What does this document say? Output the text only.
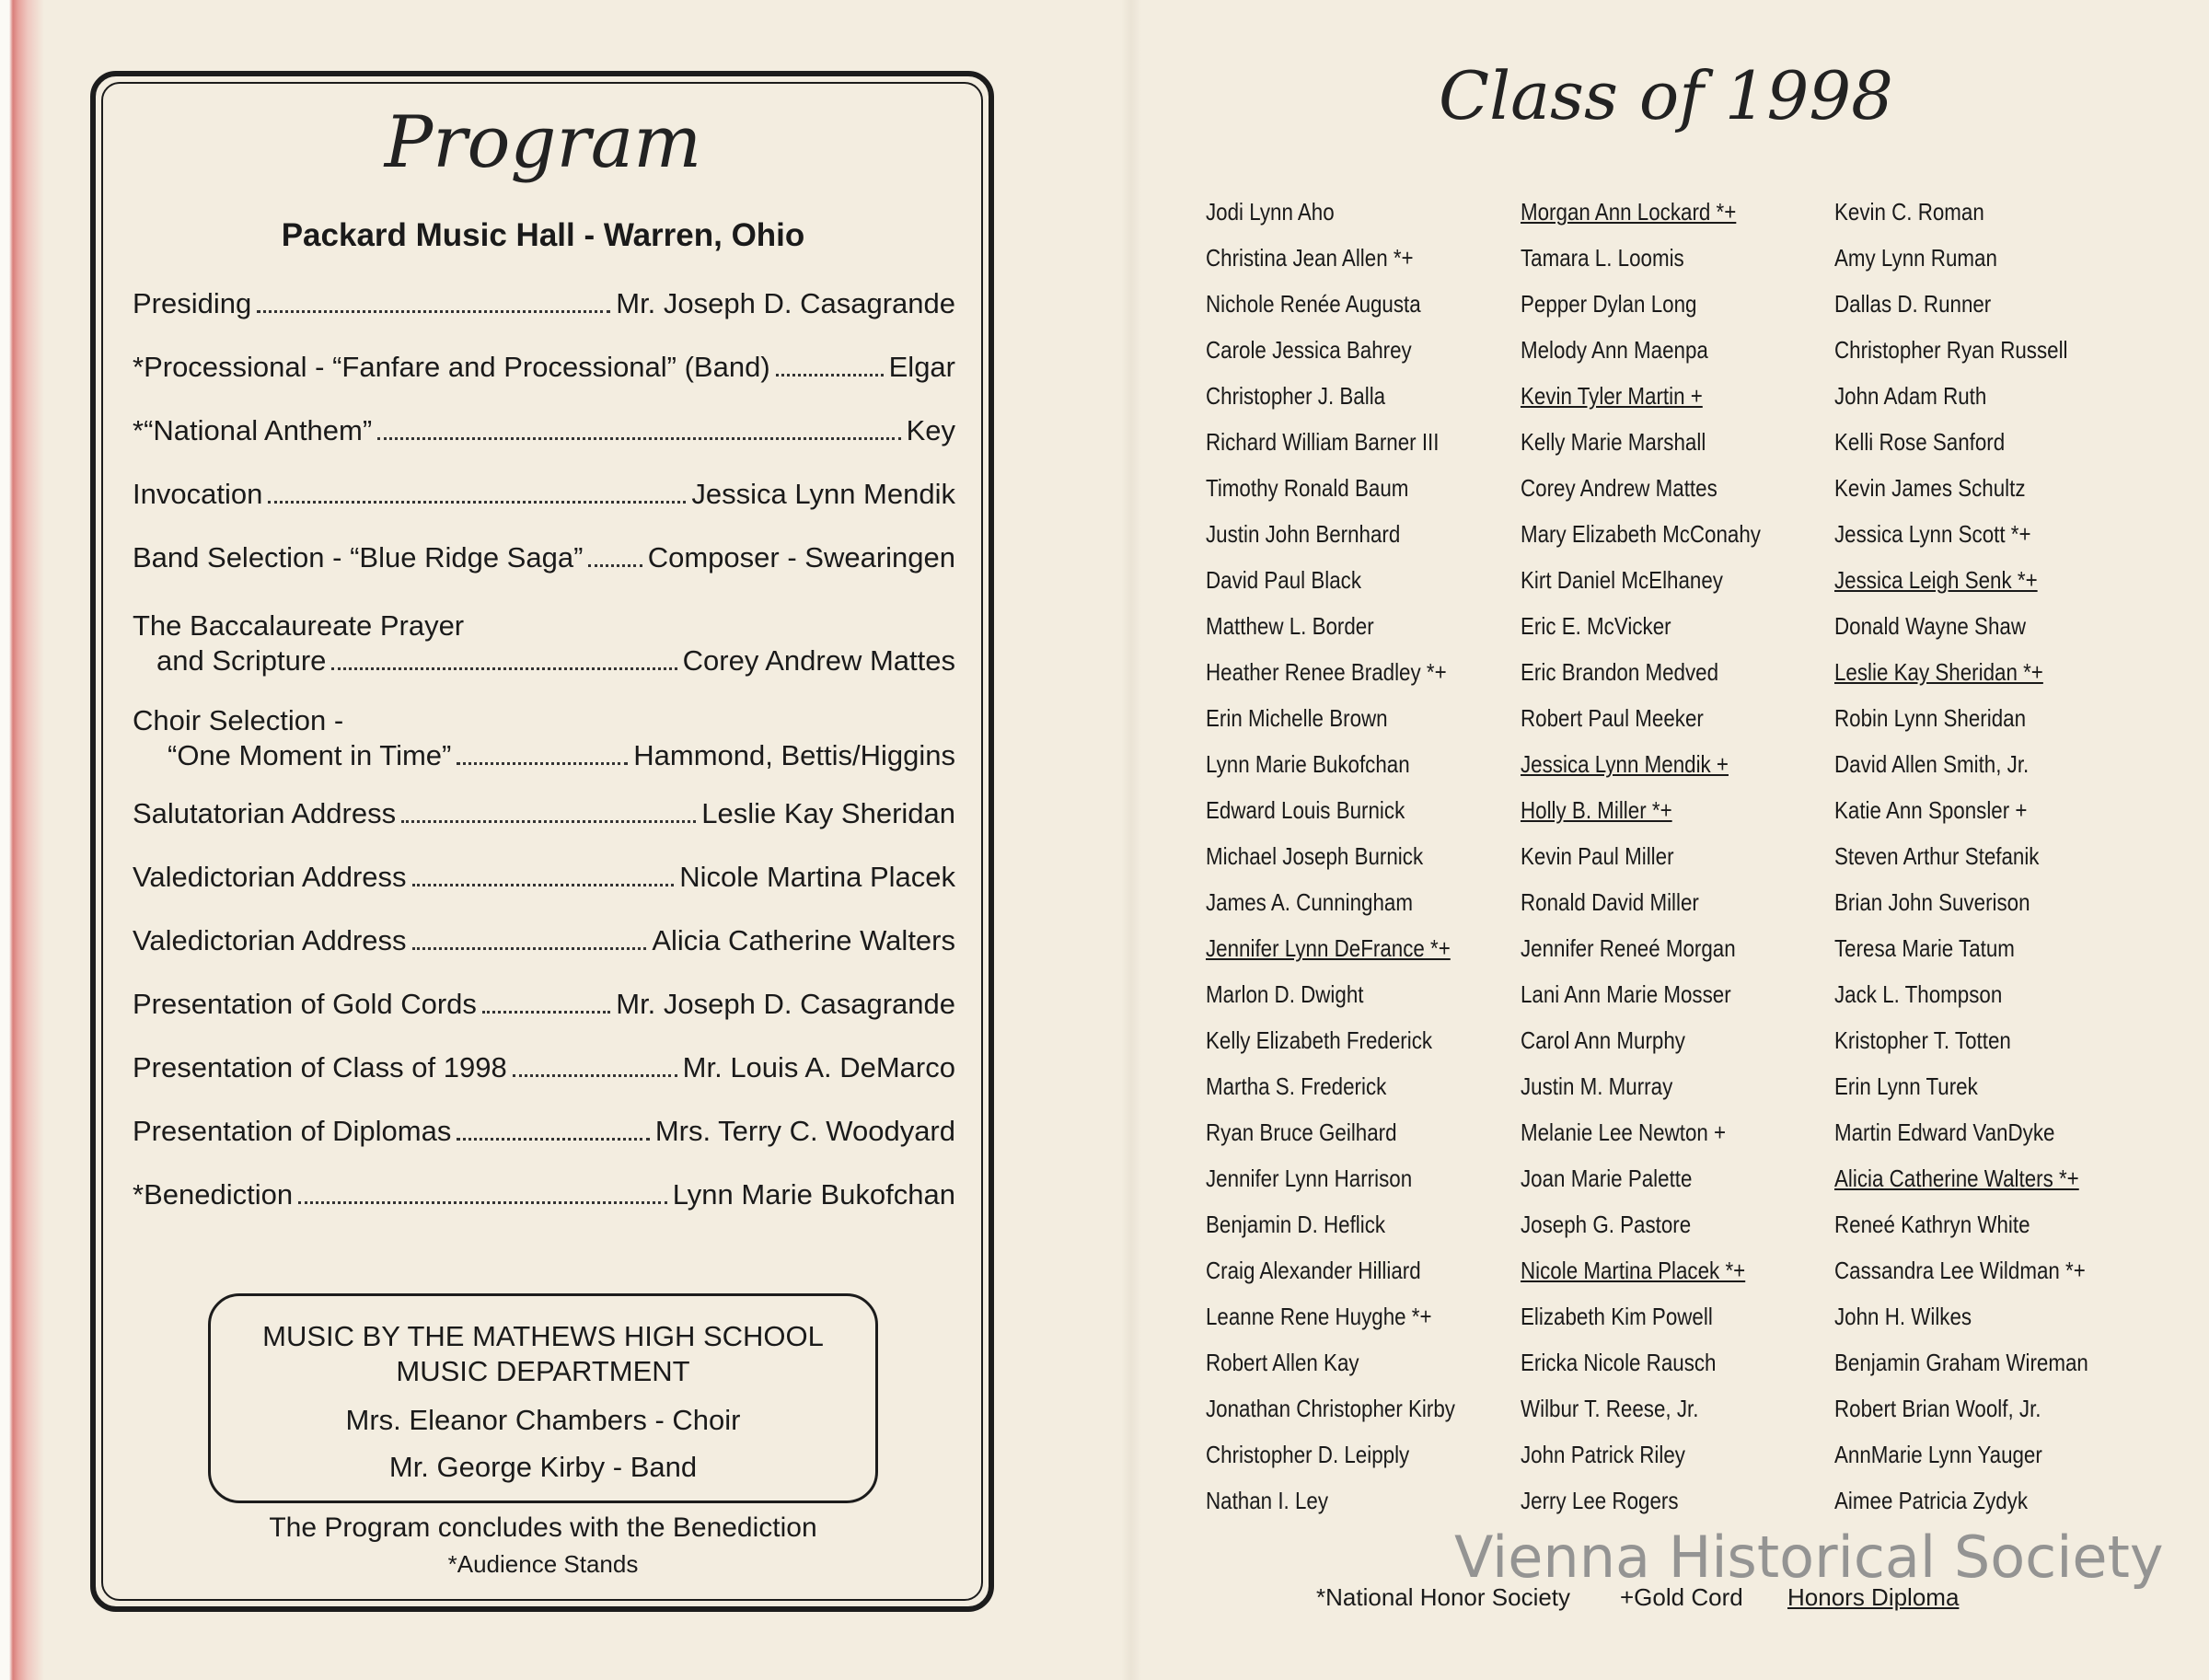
Program
Packard Music Hall - Warren, Ohio
Presiding	Mr. Joseph D. Casagrande
*Processional - “Fanfare and Processional” (Band)	Elgar
*“National Anthem”	Key
Invocation	Jessica Lynn Mendik
Band Selection - “Blue Ridge Saga” Composer - Swearingen
The Baccalaureate Prayer
and Scripture	Corey Andrew Mattes
Choir Selection -
“One Moment in Time”	Hammond, Bettis/Higgins
Salutatorian Address	Leslie Kay Sheridan
Valedictorian Address	Nicole Martina Placek
Valedictorian Address	Alicia Catherine Walters
Presentation of Gold Cords	Mr. Joseph D. Casagrande
Presentation of Class of 1998	Mr. Louis A. DeMarco
Presentation of Diplomas	Mrs. Terry C. Woodyard
*Benediction	Lynn Marie Bukofchan
MUSIC BY THE MATHEWS HIGH SCHOOL
MUSIC DEPARTMENT
Mrs. Eleanor Chambers - Choir
Mr. George Kirby - Band
The Program concludes with the Benediction
*Audience Stands
Class of 1998
Jodi Lynn Aho
Christina Jean Allen *+
Nichole Renée Augusta
Carole Jessica Bahrey
Christopher J. Balla
Richard William Barner III
Timothy Ronald Baum
Justin John Bernhard
David Paul Black
Matthew L. Border
Heather Renee Bradley *+
Erin Michelle Brown
Lynn Marie Bukofchan
Edward Louis Burnick
Michael Joseph Burnick
James A. Cunningham
Jennifer Lynn DeFrance *+
Marlon D. Dwight
Kelly Elizabeth Frederick
Martha S. Frederick
Ryan Bruce Geilhard
Jennifer Lynn Harrison
Benjamin D. Heflick
Craig Alexander Hilliard
Leanne Rene Huyghe *+
Robert Allen Kay
Jonathan Christopher Kirby
Christopher D. Leipply
Nathan I. Ley
Morgan Ann Lockard *+
Tamara L. Loomis
Pepper Dylan Long
Melody Ann Maenpa
Kevin Tyler Martin +
Kelly Marie Marshall
Corey Andrew Mattes
Mary Elizabeth McConahy
Kirt Daniel McElhaney
Eric E. McVicker
Eric Brandon Medved
Robert Paul Meeker
Jessica Lynn Mendik +
Holly B. Miller *+
Kevin Paul Miller
Ronald David Miller
Jennifer Reneé Morgan
Lani Ann Marie Mosser
Carol Ann Murphy
Justin M. Murray
Melanie Lee Newton +
Joan Marie Palette
Joseph G. Pastore
Nicole Martina Placek *+
Elizabeth Kim Powell
Ericka Nicole Rausch
Wilbur T. Reese, Jr.
John Patrick Riley
Jerry Lee Rogers
Kevin C. Roman
Amy Lynn Ruman
Dallas D. Runner
Christopher Ryan Russell
John Adam Ruth
Kelli Rose Sanford
Kevin James Schultz
Jessica Lynn Scott *+
Jessica Leigh Senk *+
Donald Wayne Shaw
Leslie Kay Sheridan *+
Robin Lynn Sheridan
David Allen Smith, Jr.
Katie Ann Sponsler +
Steven Arthur Stefanik
Brian John Suverison
Teresa Marie Tatum
Jack L. Thompson
Kristopher T. Totten
Erin Lynn Turek
Martin Edward VanDyke
Alicia Catherine Walters *+
Reneé Kathryn White
Cassandra Lee Wildman *+
John H. Wilkes
Benjamin Graham Wireman
Robert Brian Woolf, Jr.
AnnMarie Lynn Yauger
Aimee Patricia Zydyk
*National Honor Society +Gold Cord Honors Diploma
Vienna Historical Society
